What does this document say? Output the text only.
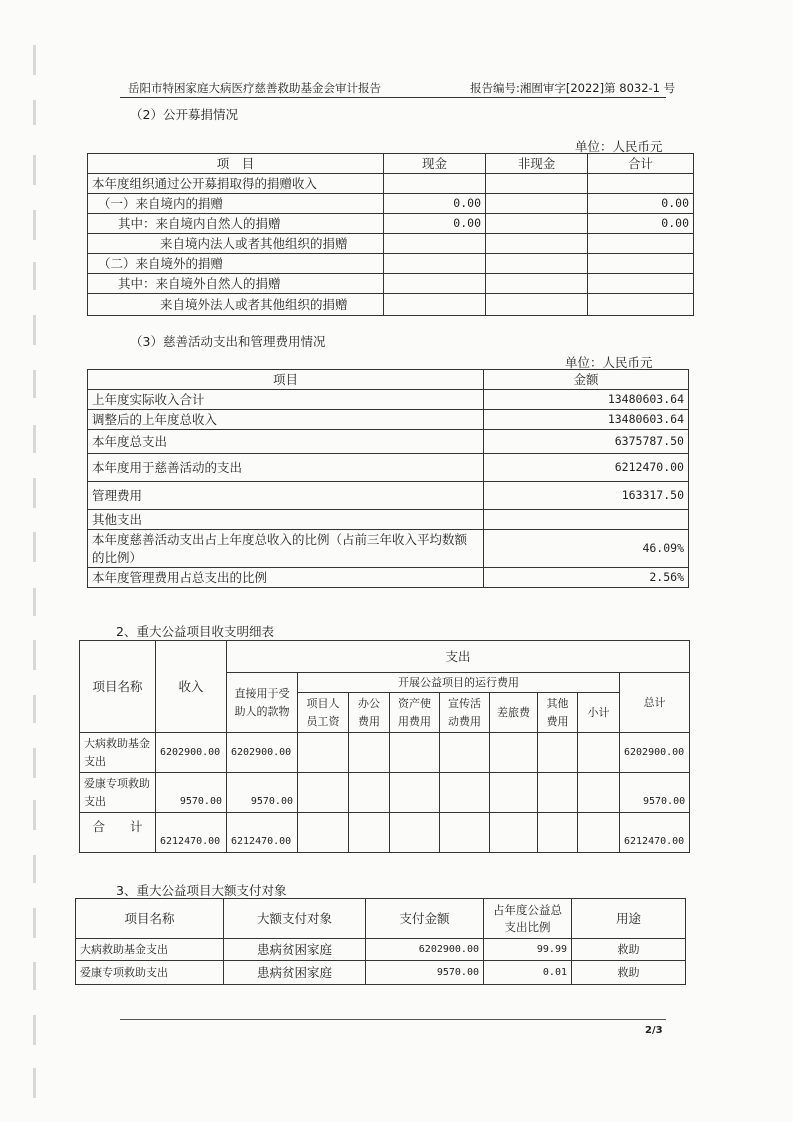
岳阳市特困家庭大病医疗慈善救助基金会审计报告	报告编号:湘囿审字[2022]第 8032-1 号
（2）公开募捐情况
单位：人民币元
项　目	现金	非现金	合计
本年度组织通过公开募捐取得的捐赠收入			
（一）来自境内的捐赠	0.00		0.00
其中：来自境内自然人的捐赠	0.00		0.00
来自境内法人或者其他组织的捐赠			
（二）来自境外的捐赠			
其中：来自境外自然人的捐赠			
来自境外法人或者其他组织的捐赠			
（3）慈善活动支出和管理费用情况
单位：人民币元
项目	金额
上年度实际收入合计	13480603.64
调整后的上年度总收入	13480603.64
本年度总支出	6375787.50
本年度用于慈善活动的支出	6212470.00
管理费用	163317.50
其他支出	
本年度慈善活动支出占上年度总收入的比例（占前三年收入平均数额的比例）	46.09%
本年度管理费用占总支出的比例	2.56%
2、重大公益项目收支明细表
项目名称	收入	支出								
		直接用于受助人的款物	开展公益项目的运行费用							总计
			项目人员工资	办公费用	资产使用费用	宣传活动费用	差旅费	其他费用	小计	
大病救助基金支出	6202900.00	6202900.00								6202900.00
爱康专项救助支出	9570.00	9570.00								9570.00
合　　计	6212470.00	6212470.00								6212470.00
3、重大公益项目大额支付对象
项目名称	大额支付对象	支付金额	占年度公益总支出比例	用途
大病救助基金支出	患病贫困家庭	6202900.00	99.99	救助
爱康专项救助支出	患病贫困家庭	9570.00	0.01	救助
2/3
